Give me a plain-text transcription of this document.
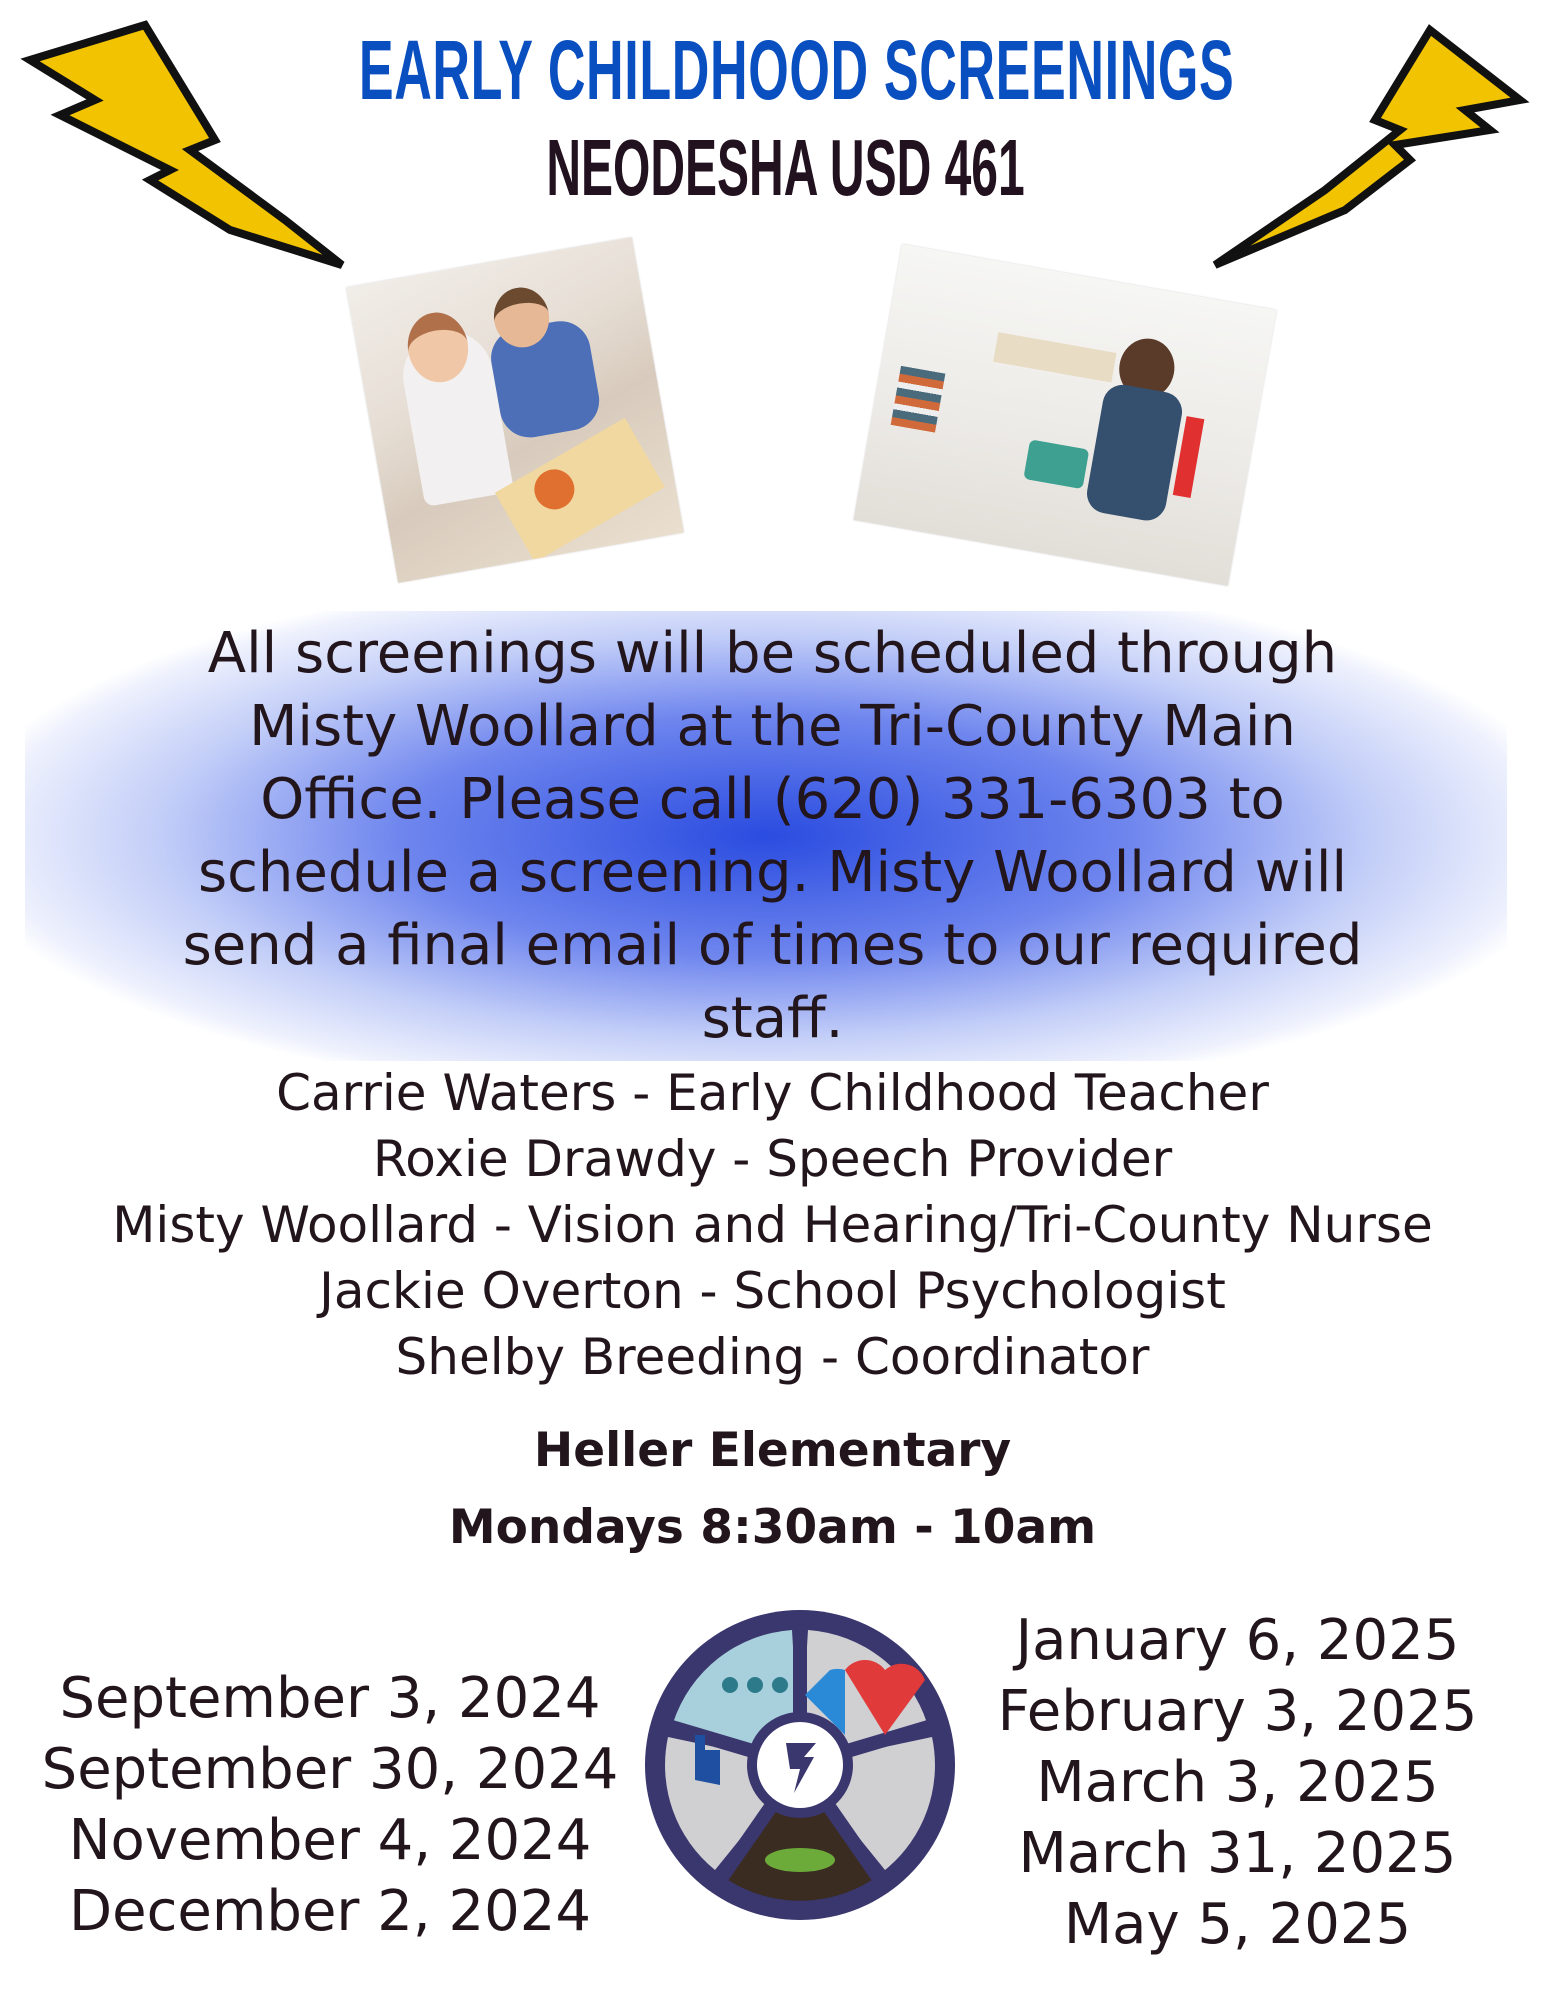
EARLY CHILDHOOD SCREENINGS
NEODESHA USD 461
All screenings will be scheduled through Misty Woollard at the Tri-County Main Office. Please call (620) 331-6303 to schedule a screening. Misty Woollard will send a final email of times to our required staff.
Carrie Waters - Early Childhood Teacher
Roxie Drawdy - Speech Provider
Misty Woollard - Vision and Hearing/Tri-County Nurse
Jackie Overton - School Psychologist
Shelby Breeding - Coordinator
Heller Elementary
Mondays 8:30am - 10am
September 3, 2024
September 30, 2024
November 4, 2024
December 2, 2024
January 6, 2025
February 3, 2025
March 3, 2025
March 31, 2025
May 5, 2025
